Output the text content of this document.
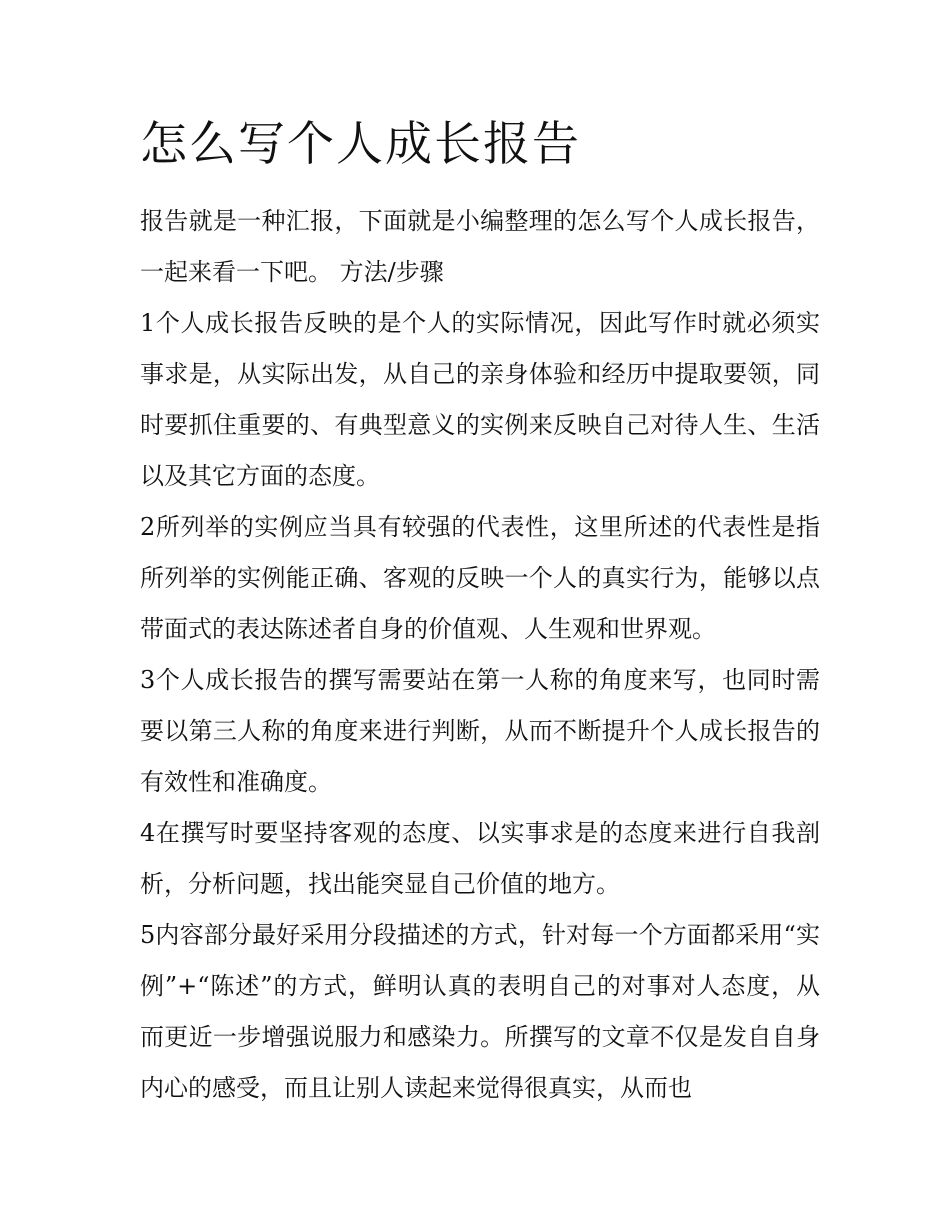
怎么写个人成长报告

报告就是一种汇报，下面就是小编整理的怎么写个人成长报告，一起来看一下吧。 方法/步骤

1个人成长报告反映的是个人的实际情况，因此写作时就必须实事求是，从实际出发，从自己的亲身体验和经历中提取要领，同时要抓住重要的、有典型意义的实例来反映自己对待人生、生活以及其它方面的态度。

2所列举的实例应当具有较强的代表性，这里所述的代表性是指所列举的实例能正确、客观的反映一个人的真实行为，能够以点带面式的表达陈述者自身的价值观、人生观和世界观。

3个人成长报告的撰写需要站在第一人称的角度来写，也同时需要以第三人称的角度来进行判断，从而不断提升个人成长报告的有效性和准确度。

4在撰写时要坚持客观的态度、以实事求是的态度来进行自我剖析，分析问题，找出能突显自己价值的地方。

5内容部分最好采用分段描述的方式，针对每一个方面都采用“实例”+“陈述”的方式，鲜明认真的表明自己的对事对人态度，从而更近一步增强说服力和感染力。所撰写的文章不仅是发自自身内心的感受，而且让别人读起来觉得很真实，从而也
